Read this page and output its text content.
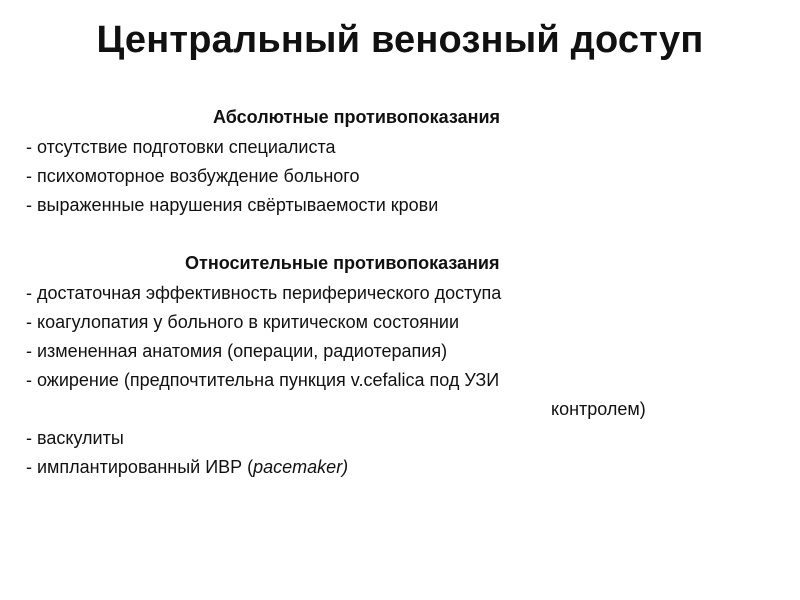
Центральный венозный доступ
Абсолютные противопоказания
- отсутствие подготовки специалиста
- психомоторное возбуждение больного
- выраженные нарушения свёртываемости крови
Относительные противопоказания
- достаточная эффективность периферического доступа
- коагулопатия у больного в критическом состоянии
- измененная анатомия (операции, радиотерапия)
- ожирение (предпочтительна пункция v.cefalica под УЗИ
контролем)
- васкулиты
- имплантированный ИВР (pacemaker)
